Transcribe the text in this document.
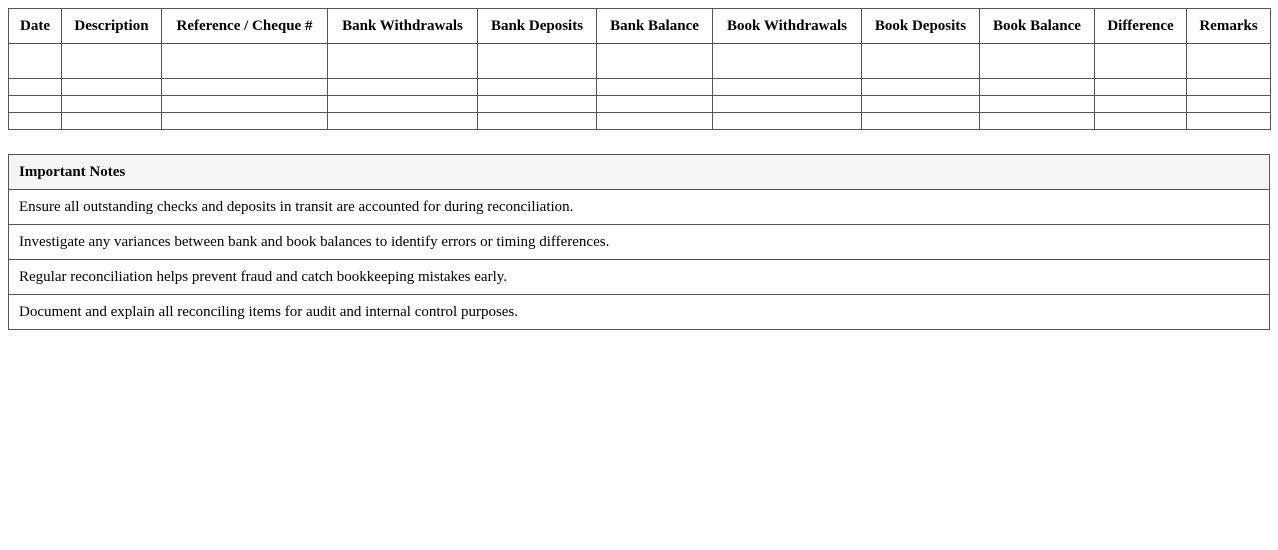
Date	Description	Reference / Cheque #	Bank Withdrawals	Bank Deposits	Bank Balance	Book Withdrawals	Book Deposits	Book Balance	Difference	Remarks

Important Notes
Ensure all outstanding checks and deposits in transit are accounted for during reconciliation.
Investigate any variances between bank and book balances to identify errors or timing differences.
Regular reconciliation helps prevent fraud and catch bookkeeping mistakes early.
Document and explain all reconciling items for audit and internal control purposes.
